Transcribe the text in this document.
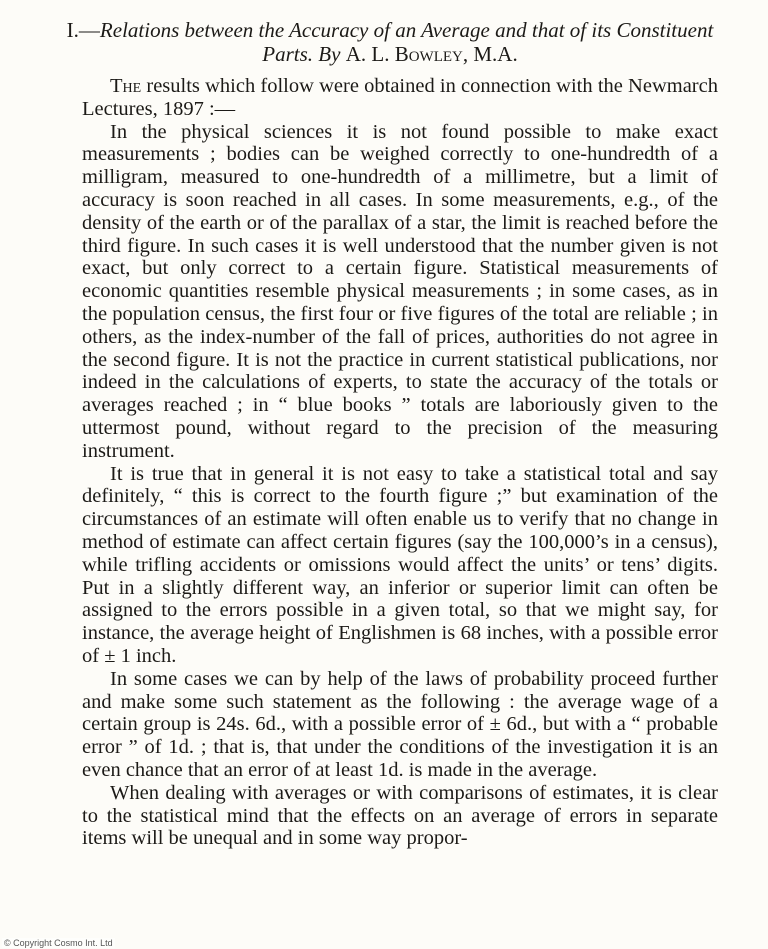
I.—Relations between the Accuracy of an Average and that of its Constituent Parts. By A. L. Bowley, M.A.

The results which follow were obtained in connection with the Newmarch Lectures, 1897 :—

In the physical sciences it is not found possible to make exact measurements ; bodies can be weighed correctly to one-hundredth of a milligram, measured to one-hundredth of a millimetre, but a limit of accuracy is soon reached in all cases. In some measurements, e.g., of the density of the earth or of the parallax of a star, the limit is reached before the third figure. In such cases it is well understood that the number given is not exact, but only correct to a certain figure. Statistical measurements of economic quantities resemble physical measurements ; in some cases, as in the population census, the first four or five figures of the total are reliable ; in others, as the index-number of the fall of prices, authorities do not agree in the second figure. It is not the practice in current statistical publications, nor indeed in the calculations of experts, to state the accuracy of the totals or averages reached ; in “ blue books ” totals are laboriously given to the uttermost pound, without regard to the precision of the measuring instrument.

It is true that in general it is not easy to take a statistical total and say definitely, “ this is correct to the fourth figure ;” but examination of the circumstances of an estimate will often enable us to verify that no change in method of estimate can affect certain figures (say the 100,000’s in a census), while trifling accidents or omissions would affect the units’ or tens’ digits. Put in a slightly different way, an inferior or superior limit can often be assigned to the errors possible in a given total, so that we might say, for instance, the average height of Englishmen is 68 inches, with a possible error of ± 1 inch.

In some cases we can by help of the laws of probability proceed further and make some such statement as the following : the average wage of a certain group is 24s. 6d., with a possible error of ± 6d., but with a “ probable error ” of 1d. ; that is, that under the conditions of the investigation it is an even chance that an error of at least 1d. is made in the average.

When dealing with averages or with comparisons of estimates, it is clear to the statistical mind that the effects on an average of errors in separate items will be unequal and in some way propor-

© Copyright Cosmo Int. Ltd
